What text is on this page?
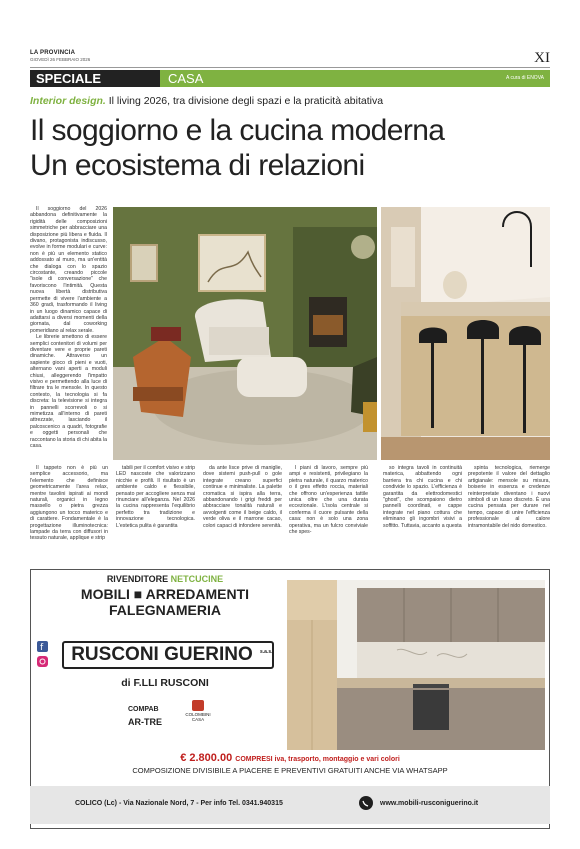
LA PROVINCIA
GIOVEDÌ 26 FEBBRAIO 2026	XI
SPECIALE	CASA	A cura di ENOVA
Interior design. Il living 2026, tra divisione degli spazi e la praticità abitativa
Il soggiorno e la cucina moderna
Un ecosistema di relazioni

Il soggiorno del 2026 abbandona definitivamente la rigidità delle composizioni simmetriche per abbracciare una disposizione più libera e fluida. Il divano, protagonista indiscusso, evolve in forme modulari e curve: non è più un elemento statico addossato al muro, ma un'entità che dialoga con lo spazio circostante, creando piccole "isole di conversazione" che favoriscono l'intimità. Questa nuova libertà distributiva permette di vivere l'ambiente a 360 gradi, trasformando il living in un luogo dinamico capace di adattarsi a diversi momenti della giornata, dal coworking pomeridiano al relax serale.

Le librerie smettono di essere semplici contenitori di volumi per diventare vere e proprie pareti dinamiche. Attraverso un sapiente gioco di pieni e vuoti, alternano vani aperti a moduli chiusi, alleggerendo l'impatto visivo e permettendo alla luce di filtrare tra le mensole. In questo contesto, la tecnologia si fa discreta: la televisione si integra in pannelli scorrevoli o si mimetizza all'interno di pareti attrezzate, lasciando il palcoscenico a quadri, fotografie e oggetti personali che raccontano la storia di chi abita la casa.

Il tappeto non è più un semplice accessorio, ma l'elemento che definisce geometricamente l'area relax, mentre tavolini ispirati ai mondi naturali, organici in legno massello o pietra grezza aggiungono un tocco materico e di carattere. Fondamentale è la progettazione illuminotecnica: lampade da terra con diffusori in tessuto naturale, applique e strip

tabili per il comfort visivo e strip LED nascoste che valorizzano nicchie e profili. Il risultato è un ambiente caldo e flessibile, pensato per accogliere senza mai rinunciare all'eleganza. Nel 2026 la cucina rappresenta l'equilibrio perfetto tra tradizione e innovazione tecnologica. L'estetica pulita è garantita

da ante lisce prive di maniglie, dove sistemi push-pull o gole integrate creano superfici continue e minimaliste. La palette cromatica si ispira alla terra, abbandonando i grigi freddi per abbracciare tonalità naturali e avvolgenti come il beige caldo, il verde oliva e il marrone cacao, colori capaci di infondere serenità.

I piani di lavoro, sempre più ampi e resistenti, privilegiano la pietra naturale, il quarzo materico o il gres effetto roccia, materiali che offrono un'esperienza tattile unica oltre che una durata eccezionale. L'isola centrale si conferma il cuore pulsante della casa: non è solo una zona operativa, ma un fulcro conviviale che spes-

so integra tavoli in continuità materica, abbattendo ogni barriera tra chi cucina e chi condivide lo spazio. L'efficienza è garantita da elettrodomestici "ghost", che scompaiono dietro pannelli coordinati, e cappe integrate nel piano cottura che eliminano gli ingombri visivi a soffitto. Tuttavia, accanto a questa

spinta tecnologica, riemerge prepotente il valore del dettaglio artigianale: mensole su misura, boiserie in essenza e credenze reinterpretate diventano i nuovi simboli di un lusso discreto. È una cucina pensata per durare nel tempo, capace di unire l'efficienza professionale al calore intramontabile del nido domestico.

RIVENDITORE NETCUCINE
MOBILI ■ ARREDAMENTI
FALEGNAMERIA
f	RUSCONI GUERINO	s.a.s.
di F.LLI RUSCONI
COMPAB
AR-TRE
COLOMBINI CASA
€ 2.800.00 COMPRESI iva, trasporto, montaggio e vari colori
COMPOSIZIONE DIVISIBILE A PIACERE E PREVENTIVI GRATUITI ANCHE VIA WHATSAPP
COLICO (Lc) - Via Nazionale Nord, 7 - Per info Tel. 0341.940315	www.mobili-rusconiguerino.it
